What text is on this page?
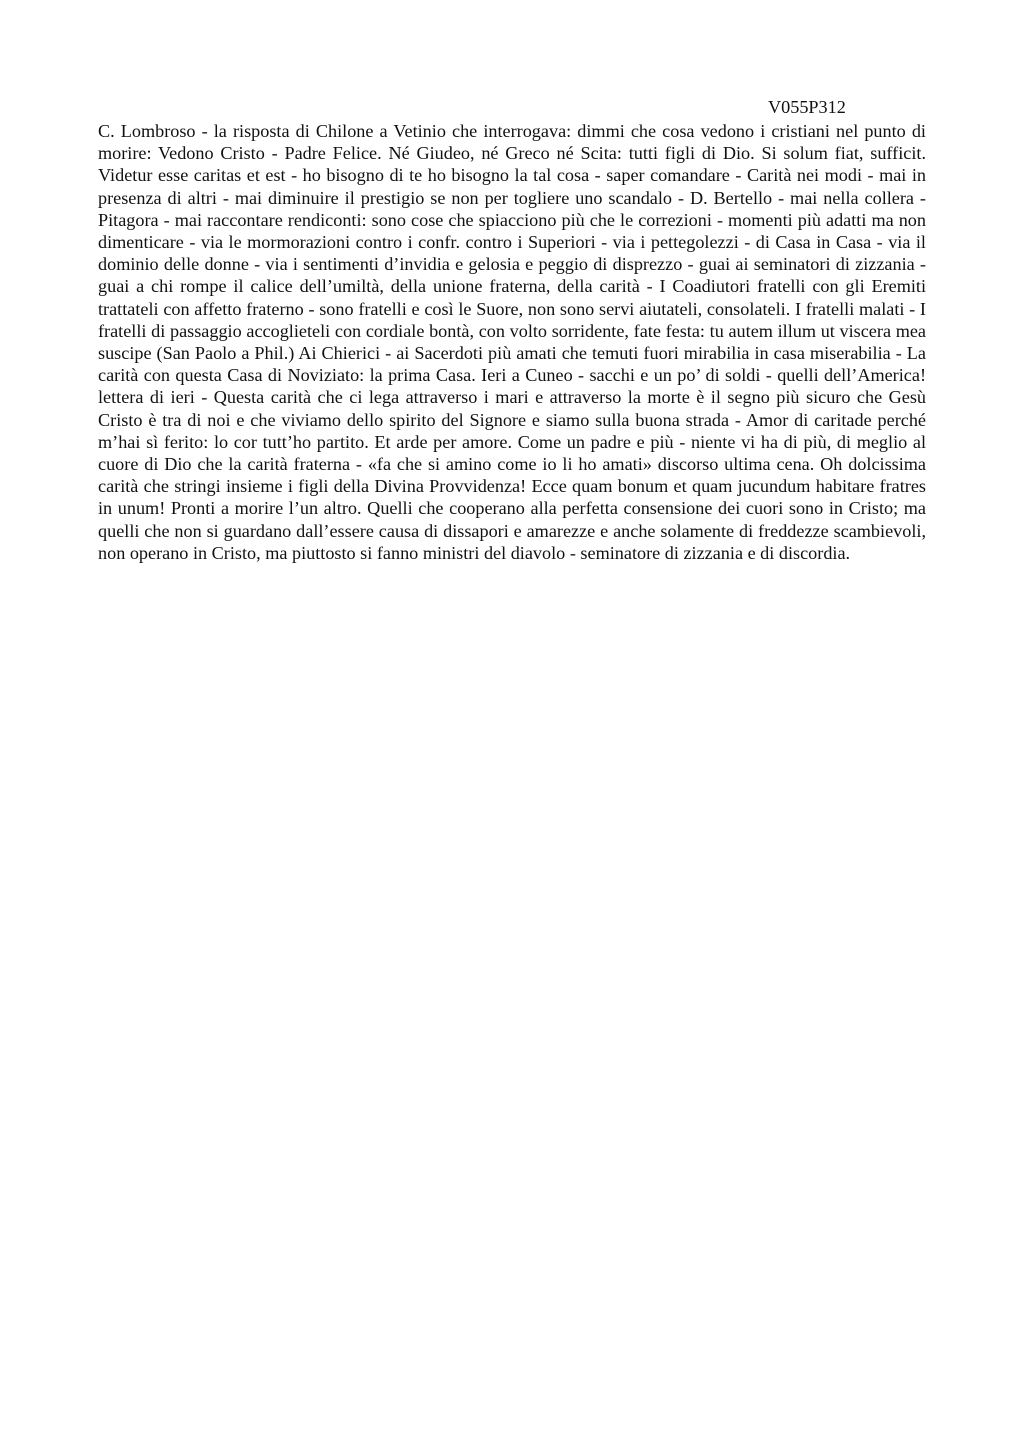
V055P312

C. Lombroso - la risposta di Chilone a Vetinio che interrogava: dimmi che cosa vedono i cristiani nel punto di morire: Vedono Cristo - Padre Felice. Né Giudeo, né Greco né Scita: tutti figli di Dio. Si solum fiat, sufficit. Videtur esse caritas et est - ho bisogno di te ho bisogno la tal cosa - saper comandare - Carità nei modi - mai in presenza di altri - mai diminuire il prestigio se non per togliere uno scandalo - D. Bertello - mai nella collera - Pitagora - mai raccontare rendiconti: sono cose che spiacciono più che le correzioni - momenti più adatti ma non dimenticare - via le mormorazioni contro i confr. contro i Superiori - via i pettegolezzi - di Casa in Casa - via il dominio delle donne - via i sentimenti d’invidia e gelosia e peggio di disprezzo - guai ai seminatori di zizzania - guai a chi rompe il calice dell’umiltà, della unione fraterna, della carità - I Coadiutori fratelli con gli Eremiti trattateli con affetto fraterno - sono fratelli e così le Suore, non sono servi aiutateli, consolateli. I fratelli malati - I fratelli di passaggio accoglieteli con cordiale bontà, con volto sorridente, fate festa: tu autem illum ut viscera mea suscipe (San Paolo a Phil.) Ai Chierici - ai Sacerdoti più amati che temuti fuori mirabilia in casa miserabilia - La carità con questa Casa di Noviziato: la prima Casa. Ieri a Cuneo - sacchi e un po’ di soldi - quelli dell’America! lettera di ieri - Questa carità che ci lega attraverso i mari e attraverso la morte è il segno più sicuro che Gesù Cristo è tra di noi e che viviamo dello spirito del Signore e siamo sulla buona strada - Amor di caritade perché m’hai sì ferito: lo cor tutt’ho partito. Et arde per amore. Come un padre e più - niente vi ha di più, di meglio al cuore di Dio che la carità fraterna - «fa che si amino come io li ho amati» discorso ultima cena. Oh dolcissima carità che stringi insieme i figli della Divina Provvidenza! Ecce quam bonum et quam jucundum habitare fratres in unum! Pronti a morire l’un altro. Quelli che cooperano alla perfetta consensione dei cuori sono in Cristo; ma quelli che non si guardano dall’essere causa di dissapori e amarezze e anche solamente di freddezze scambievoli, non operano in Cristo, ma piuttosto si fanno ministri del diavolo - seminatore di zizzania e di discordia.
